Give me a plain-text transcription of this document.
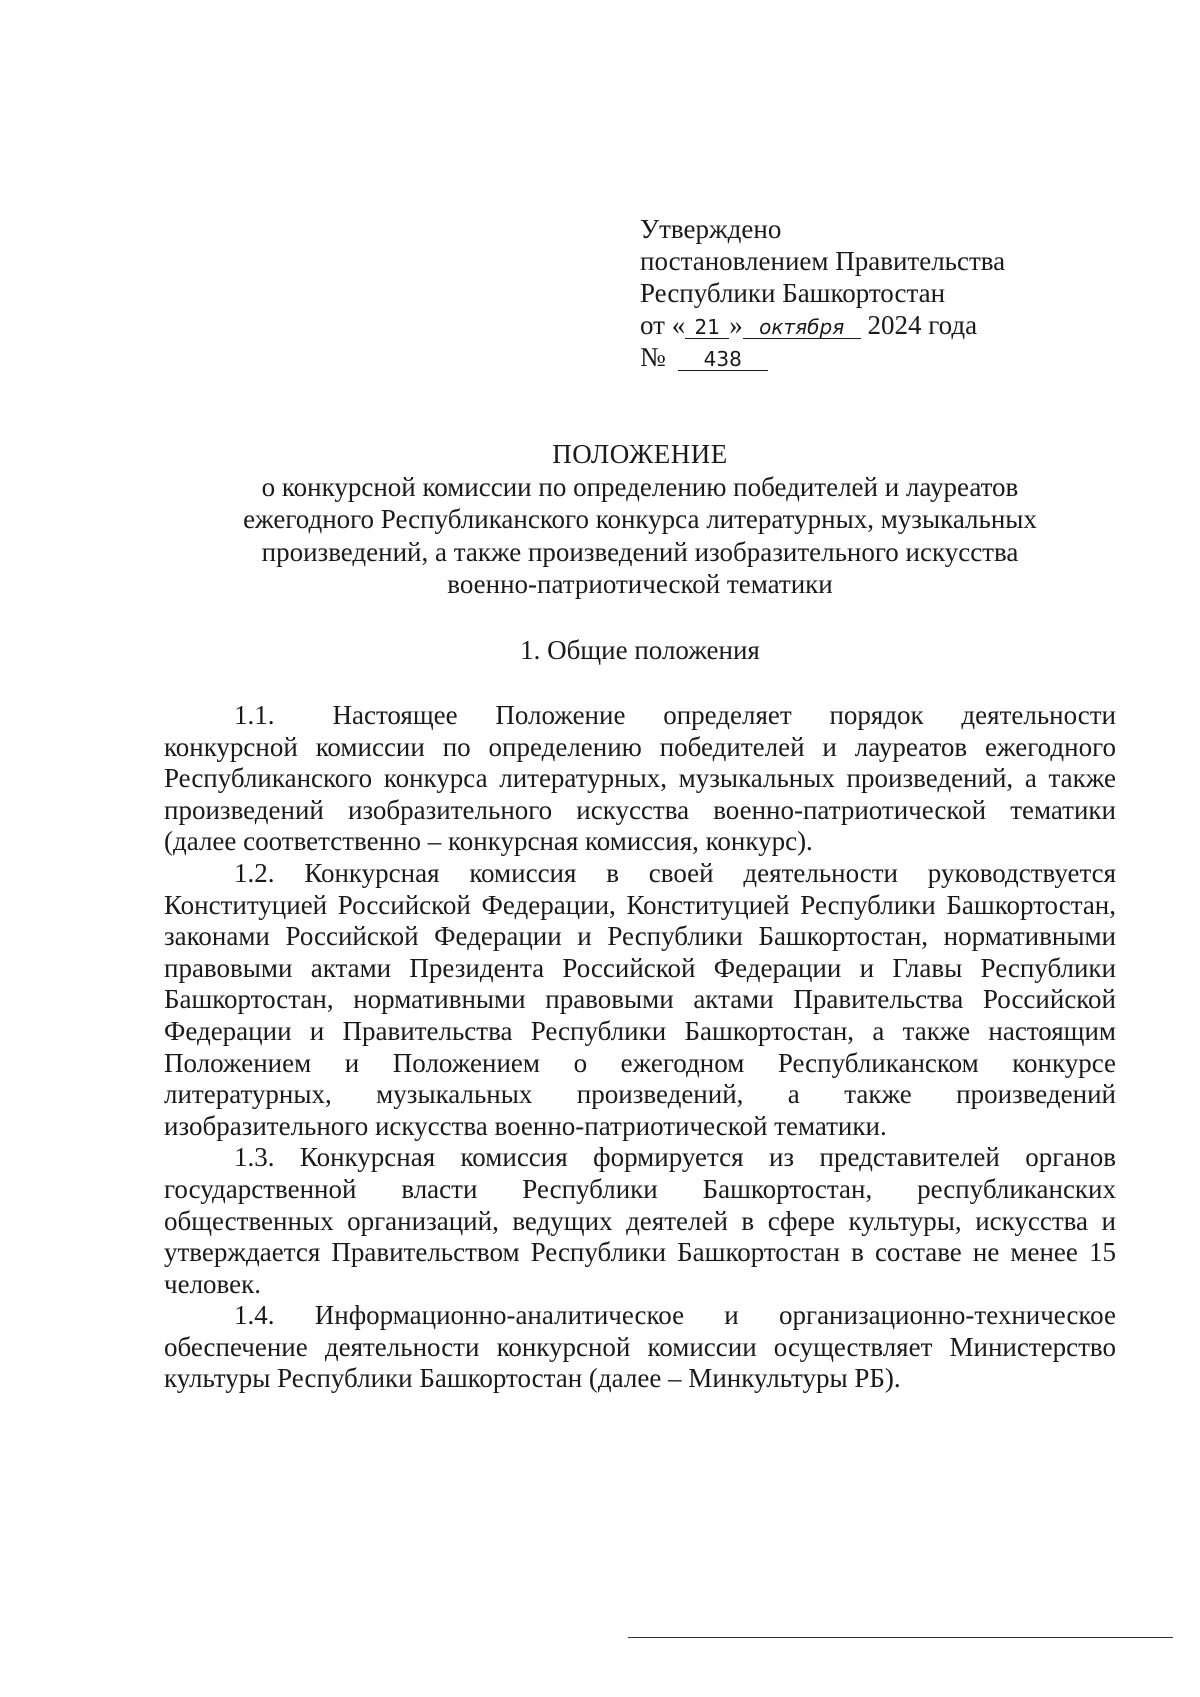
Утверждено
постановлением Правительства
Республики Башкортостан
от « 21 » октября 2024 года
№ 438
ПОЛОЖЕНИЕ
о конкурсной комиссии по определению победителей и лауреатов
ежегодного Республиканского конкурса литературных, музыкальных
произведений, а также произведений изобразительного искусства
военно-патриотической тематики
1. Общие положения

1.1. Настоящее Положение определяет порядок деятельности конкурсной комиссии по определению победителей и лауреатов ежегодного Республиканского конкурса литературных, музыкальных произведений, а также произведений изобразительного искусства военно-патриотической тематики (далее соответственно – конкурсная комиссия, конкурс).

1.2. Конкурсная комиссия в своей деятельности руководствуется Конституцией Российской Федерации, Конституцией Республики Башкортостан, законами Российской Федерации и Республики Башкортостан, нормативными правовыми актами Президента Российской Федерации и Главы Республики Башкортостан, нормативными правовыми актами Правительства Российской Федерации и Правительства Республики Башкортостан, а также настоящим Положением и Положением о ежегодном Республиканском конкурсе литературных, музыкальных произведений, а также произведений изобразительного искусства военно-патриотической тематики.

1.3. Конкурсная комиссия формируется из представителей органов государственной власти Республики Башкортостан, республиканских общественных организаций, ведущих деятелей в сфере культуры, искусства и утверждается Правительством Республики Башкортостан в составе не менее 15 человек.

1.4. Информационно-аналитическое и организационно-техническое обеспечение деятельности конкурсной комиссии осуществляет Министерство культуры Республики Башкортостан (далее – Минкультуры РБ).
